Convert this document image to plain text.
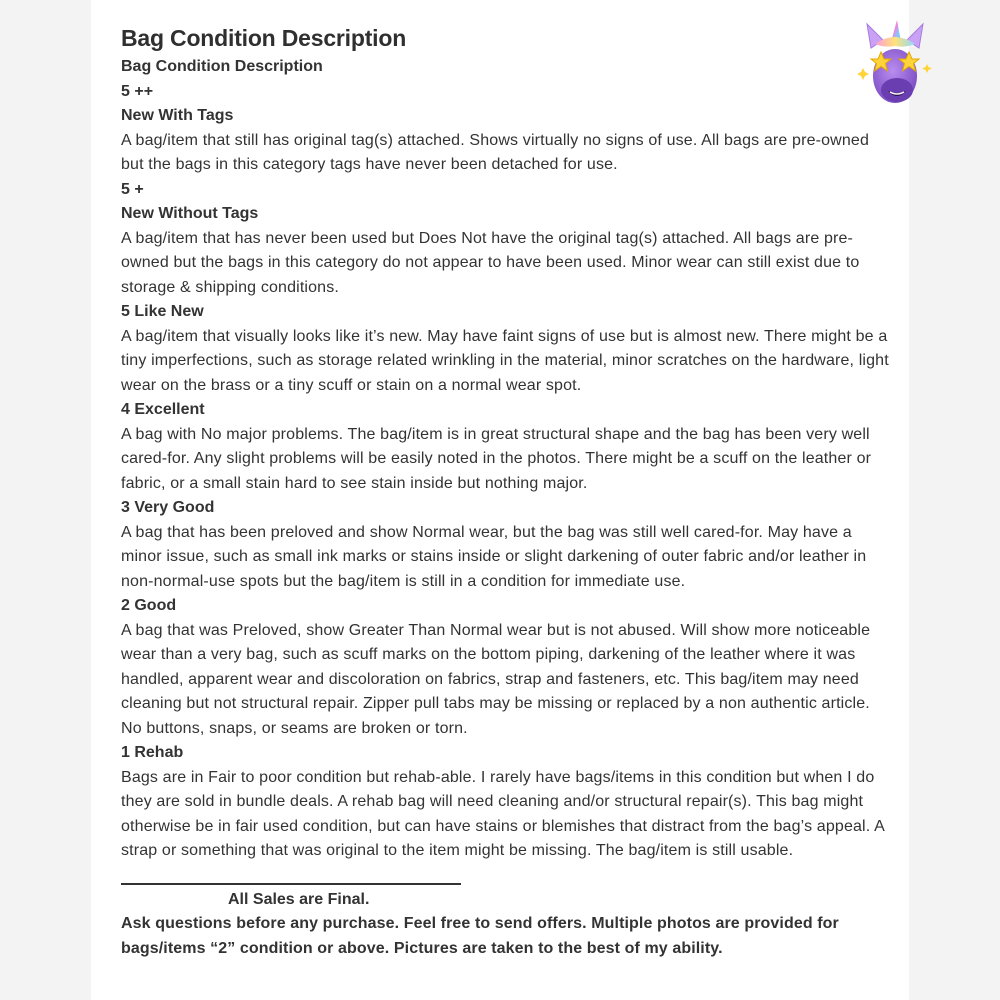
Bag Condition Description
Bag Condition Description
5 ++
New With Tags
A bag/item that still has original tag(s) attached. Shows virtually no signs of use. All bags are pre-owned but the bags in this category tags have never been detached for use.
5 +
New Without Tags
A bag/item that has never been used but Does Not have the original tag(s) attached. All bags are pre-owned but the bags in this category do not appear to have been used. Minor wear can still exist due to storage & shipping conditions.
5 Like New
A bag/item that visually looks like it’s new. May have faint signs of use but is almost new. There might be a tiny imperfections, such as storage related wrinkling in the material, minor scratches on the hardware, light wear on the brass or a tiny scuff or stain on a normal wear spot.
4 Excellent
A bag with No major problems. The bag/item is in great structural shape and the bag has been very well cared-for. Any slight problems will be easily noted in the photos. There might be a scuff on the leather or fabric, or a small stain hard to see stain inside but nothing major.
3 Very Good
A bag that has been preloved and show Normal wear, but the bag was still well cared-for. May have a minor issue, such as small ink marks or stains inside or slight darkening of outer fabric and/or leather in non-normal-use spots but the bag/item is still in a condition for immediate use.
2 Good
A bag that was Preloved, show Greater Than Normal wear but is not abused. Will show more noticeable wear than a very bag, such as scuff marks on the bottom piping, darkening of the leather where it was handled, apparent wear and discoloration on fabrics, strap and fasteners, etc. This bag/item may need cleaning but not structural repair. Zipper pull tabs may be missing or replaced by a non authentic article. No buttons, snaps, or seams are broken or torn.
1 Rehab
Bags are in Fair to poor condition but rehab-able. I rarely have bags/items in this condition but when I do they are sold in bundle deals. A rehab bag will need cleaning and/or structural repair(s). This bag might otherwise be in fair used condition, but can have stains or blemishes that distract from the bag’s appeal. A strap or something that was original to the item might be missing. The bag/item is still usable.
All Sales are Final.
Ask questions before any purchase. Feel free to send offers. Multiple photos are provided for bags/items “2” condition or above. Pictures are taken to the best of my ability.
